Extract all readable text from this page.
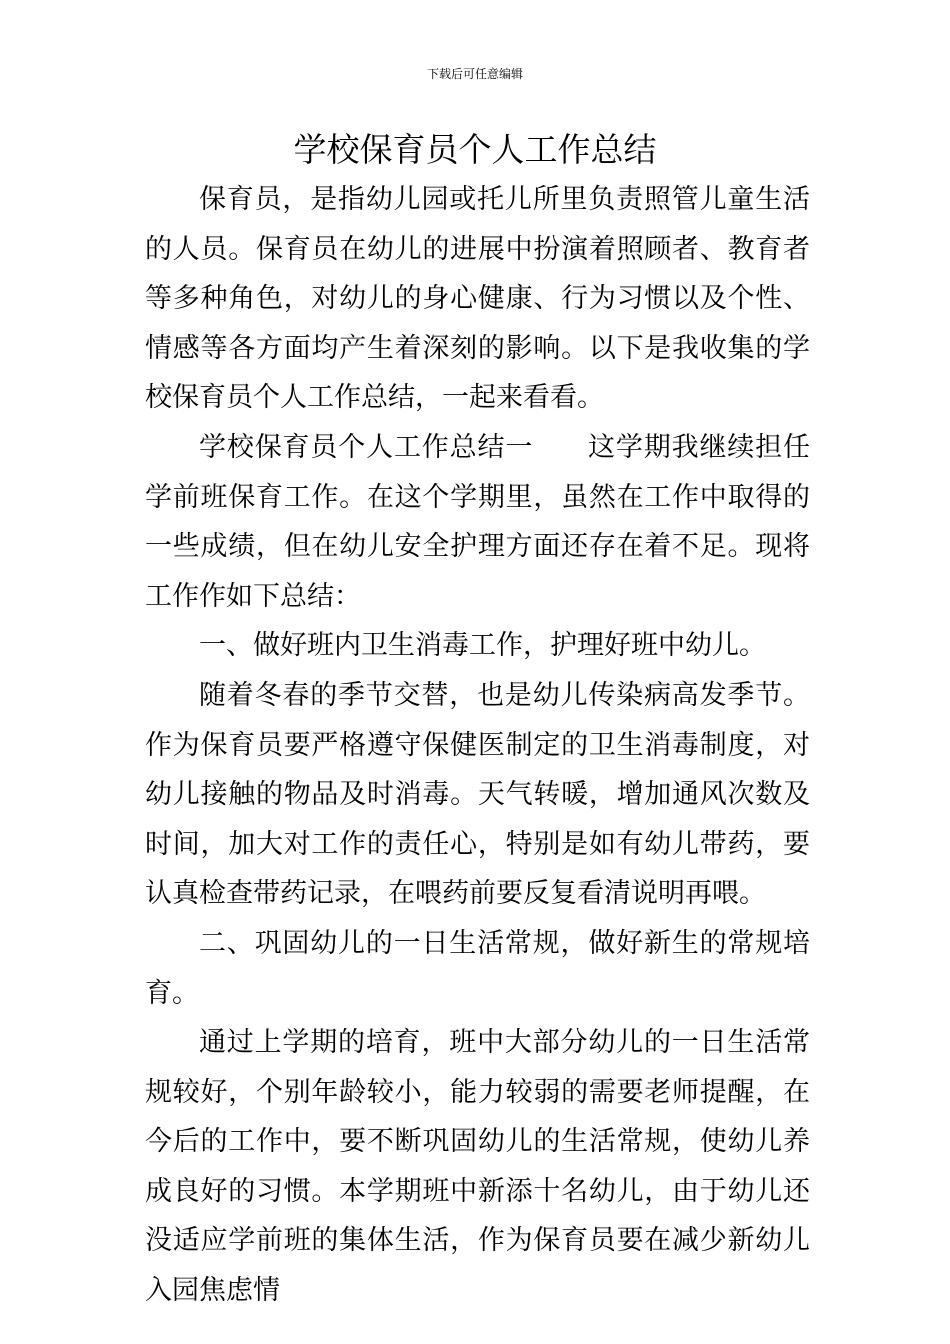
下载后可任意编辑
学校保育员个人工作总结

保育员，是指幼儿园或托儿所里负责照管儿童生活的人员。保育员在幼儿的进展中扮演着照顾者、教育者等多种角色，对幼儿的身心健康、行为习惯以及个性、情感等各方面均产生着深刻的影响。以下是我收集的学校保育员个人工作总结，一起来看看。

学校保育员个人工作总结一 这学期我继续担任学前班保育工作。在这个学期里，虽然在工作中取得的一些成绩，但在幼儿安全护理方面还存在着不足。现将工作作如下总结：

一、做好班内卫生消毒工作，护理好班中幼儿。

随着冬春的季节交替，也是幼儿传染病高发季节。作为保育员要严格遵守保健医制定的卫生消毒制度，对幼儿接触的物品及时消毒。天气转暖，增加通风次数及时间，加大对工作的责任心，特别是如有幼儿带药，要认真检查带药记录，在喂药前要反复看清说明再喂。

二、巩固幼儿的一日生活常规，做好新生的常规培育。

通过上学期的培育，班中大部分幼儿的一日生活常规较好，个别年龄较小，能力较弱的需要老师提醒，在今后的工作中，要不断巩固幼儿的生活常规，使幼儿养成良好的习惯。本学期班中新添十名幼儿，由于幼儿还没适应学前班的集体生活，作为保育员要在减少新幼儿入园焦虑情
